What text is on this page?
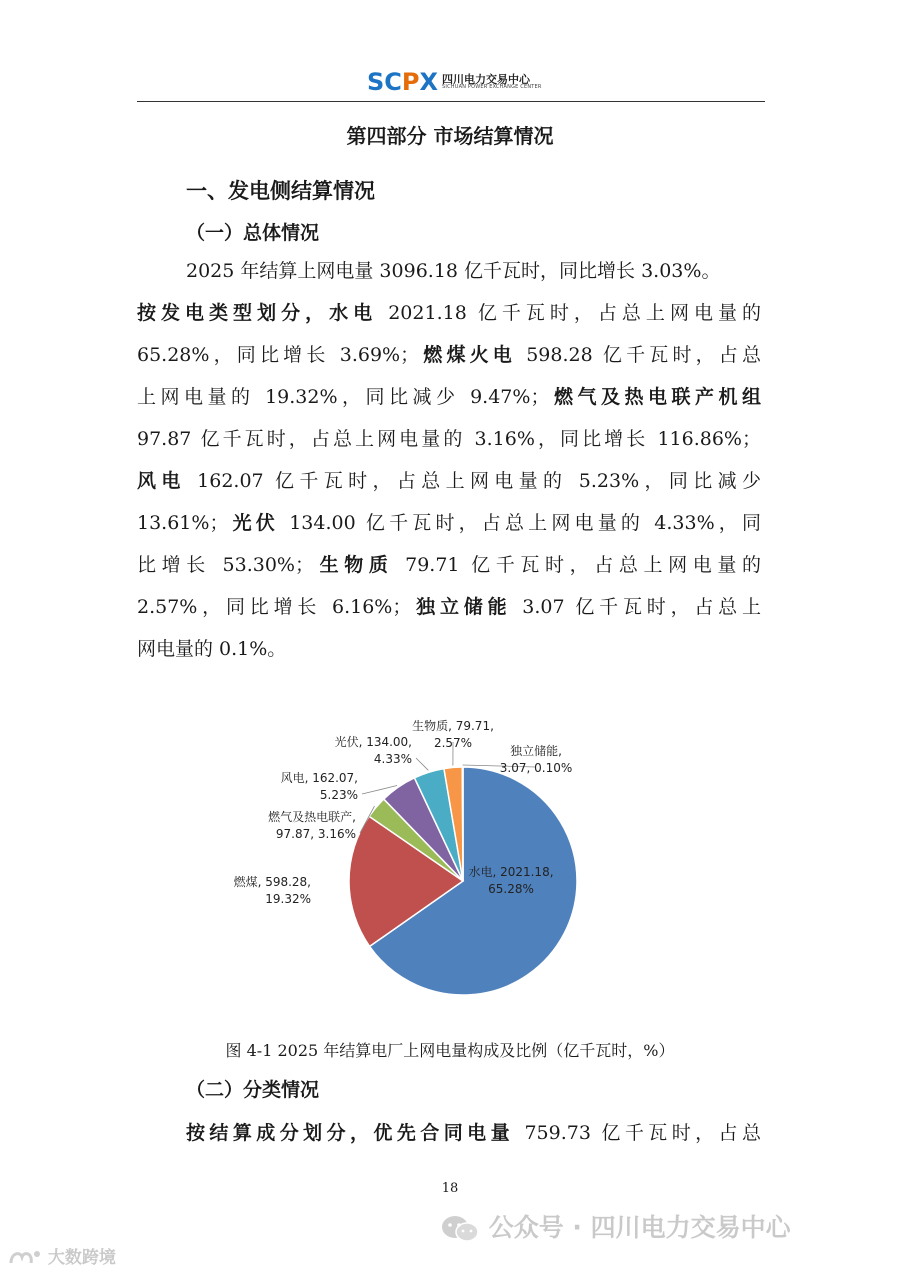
SCPX 四川电力交易中心
SICHUAN POWER EXCHANGE CENTER
第四部分 市场结算情况
一、发电侧结算情况
（一）总体情况
2025 年结算上网电量 3096.18 亿千瓦时，同比增长 3.03%。
按发电类型划分，水电 2021.18 亿千瓦时，占总上网电量的
65.28%，同比增长 3.69%；燃煤火电 598.28 亿千瓦时，占总
上网电量的 19.32%，同比减少 9.47%；燃气及热电联产机组
97.87 亿千瓦时，占总上网电量的 3.16%，同比增长 116.86%；
风电 162.07 亿千瓦时，占总上网电量的 5.23%，同比减少
13.61%；光伏 134.00 亿千瓦时，占总上网电量的 4.33%，同
比增长 53.30%；生物质 79.71 亿千瓦时，占总上网电量的
2.57%，同比增长 6.16%；独立储能 3.07 亿千瓦时，占总上
网电量的 0.1%。
水电, 2021.18, 65.28%
燃煤, 598.28, 19.32%
燃气及热电联产, 97.87, 3.16%
风电, 162.07, 5.23%
光伏, 134.00, 4.33%
生物质, 79.71, 2.57%
独立储能, 3.07, 0.10%
图 4-1 2025 年结算电厂上网电量构成及比例（亿千瓦时，%）
（二）分类情况
按结算成分划分，优先合同电量 759.73 亿千瓦时，占总
18
公众号 · 四川电力交易中心
大数跨境
